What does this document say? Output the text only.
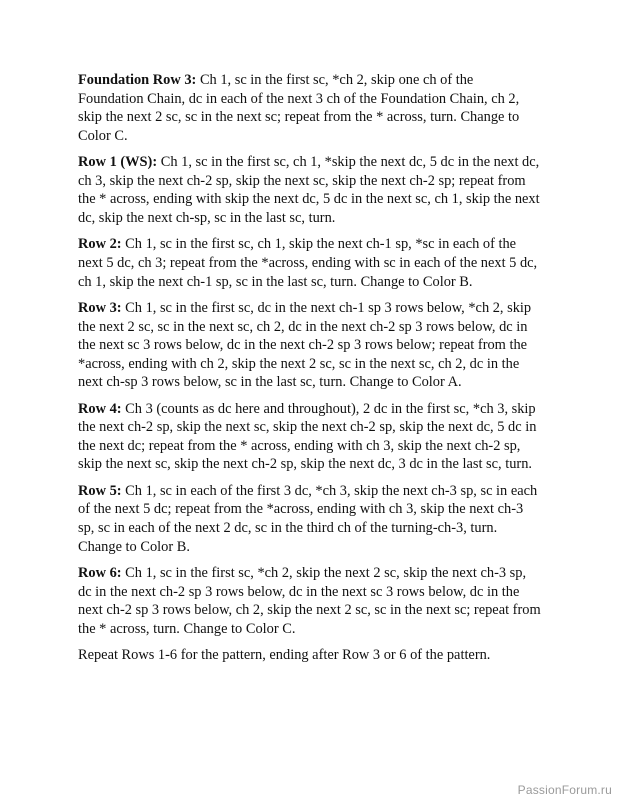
Foundation Row 3: Ch 1, sc in the first sc, *ch 2, skip one ch of the Foundation Chain, dc in each of the next 3 ch of the Foundation Chain, ch 2, skip the next 2 sc, sc in the next sc; repeat from the * across, turn. Change to Color C.

Row 1 (WS): Ch 1, sc in the first sc, ch 1, *skip the next dc, 5 dc in the next dc, ch 3, skip the next ch-2 sp, skip the next sc, skip the next ch-2 sp; repeat from the * across, ending with skip the next dc, 5 dc in the next sc, ch 1, skip the next dc, skip the next ch-sp, sc in the last sc, turn.

Row 2: Ch 1, sc in the first sc, ch 1, skip the next ch-1 sp, *sc in each of the next 5 dc, ch 3; repeat from the *across, ending with sc in each of the next 5 dc, ch 1, skip the next ch-1 sp, sc in the last sc, turn. Change to Color B.

Row 3: Ch 1, sc in the first sc, dc in the next ch-1 sp 3 rows below, *ch 2, skip the next 2 sc, sc in the next sc, ch 2, dc in the next ch-2 sp 3 rows below, dc in the next sc 3 rows below, dc in the next ch-2 sp 3 rows below; repeat from the *across, ending with ch 2, skip the next 2 sc, sc in the next sc, ch 2, dc in the next ch-sp 3 rows below, sc in the last sc, turn. Change to Color A.

Row 4: Ch 3 (counts as dc here and throughout), 2 dc in the first sc, *ch 3, skip the next ch-2 sp, skip the next sc, skip the next ch-2 sp, skip the next dc, 5 dc in the next dc; repeat from the * across, ending with ch 3, skip the next ch-2 sp, skip the next sc, skip the next ch-2 sp, skip the next dc, 3 dc in the last sc, turn.

Row 5: Ch 1, sc in each of the first 3 dc, *ch 3, skip the next ch-3 sp, sc in each of the next 5 dc; repeat from the *across, ending with ch 3, skip the next ch-3 sp, sc in each of the next 2 dc, sc in the third ch of the turning-ch-3, turn. Change to Color B.

Row 6: Ch 1, sc in the first sc, *ch 2, skip the next 2 sc, skip the next ch-3 sp, dc in the next ch-2 sp 3 rows below, dc in the next sc 3 rows below, dc in the next ch-2 sp 3 rows below, ch 2, skip the next 2 sc, sc in the next sc; repeat from the * across, turn. Change to Color C.

Repeat Rows 1-6 for the pattern, ending after Row 3 or 6 of the pattern.

PassionForum.ru
